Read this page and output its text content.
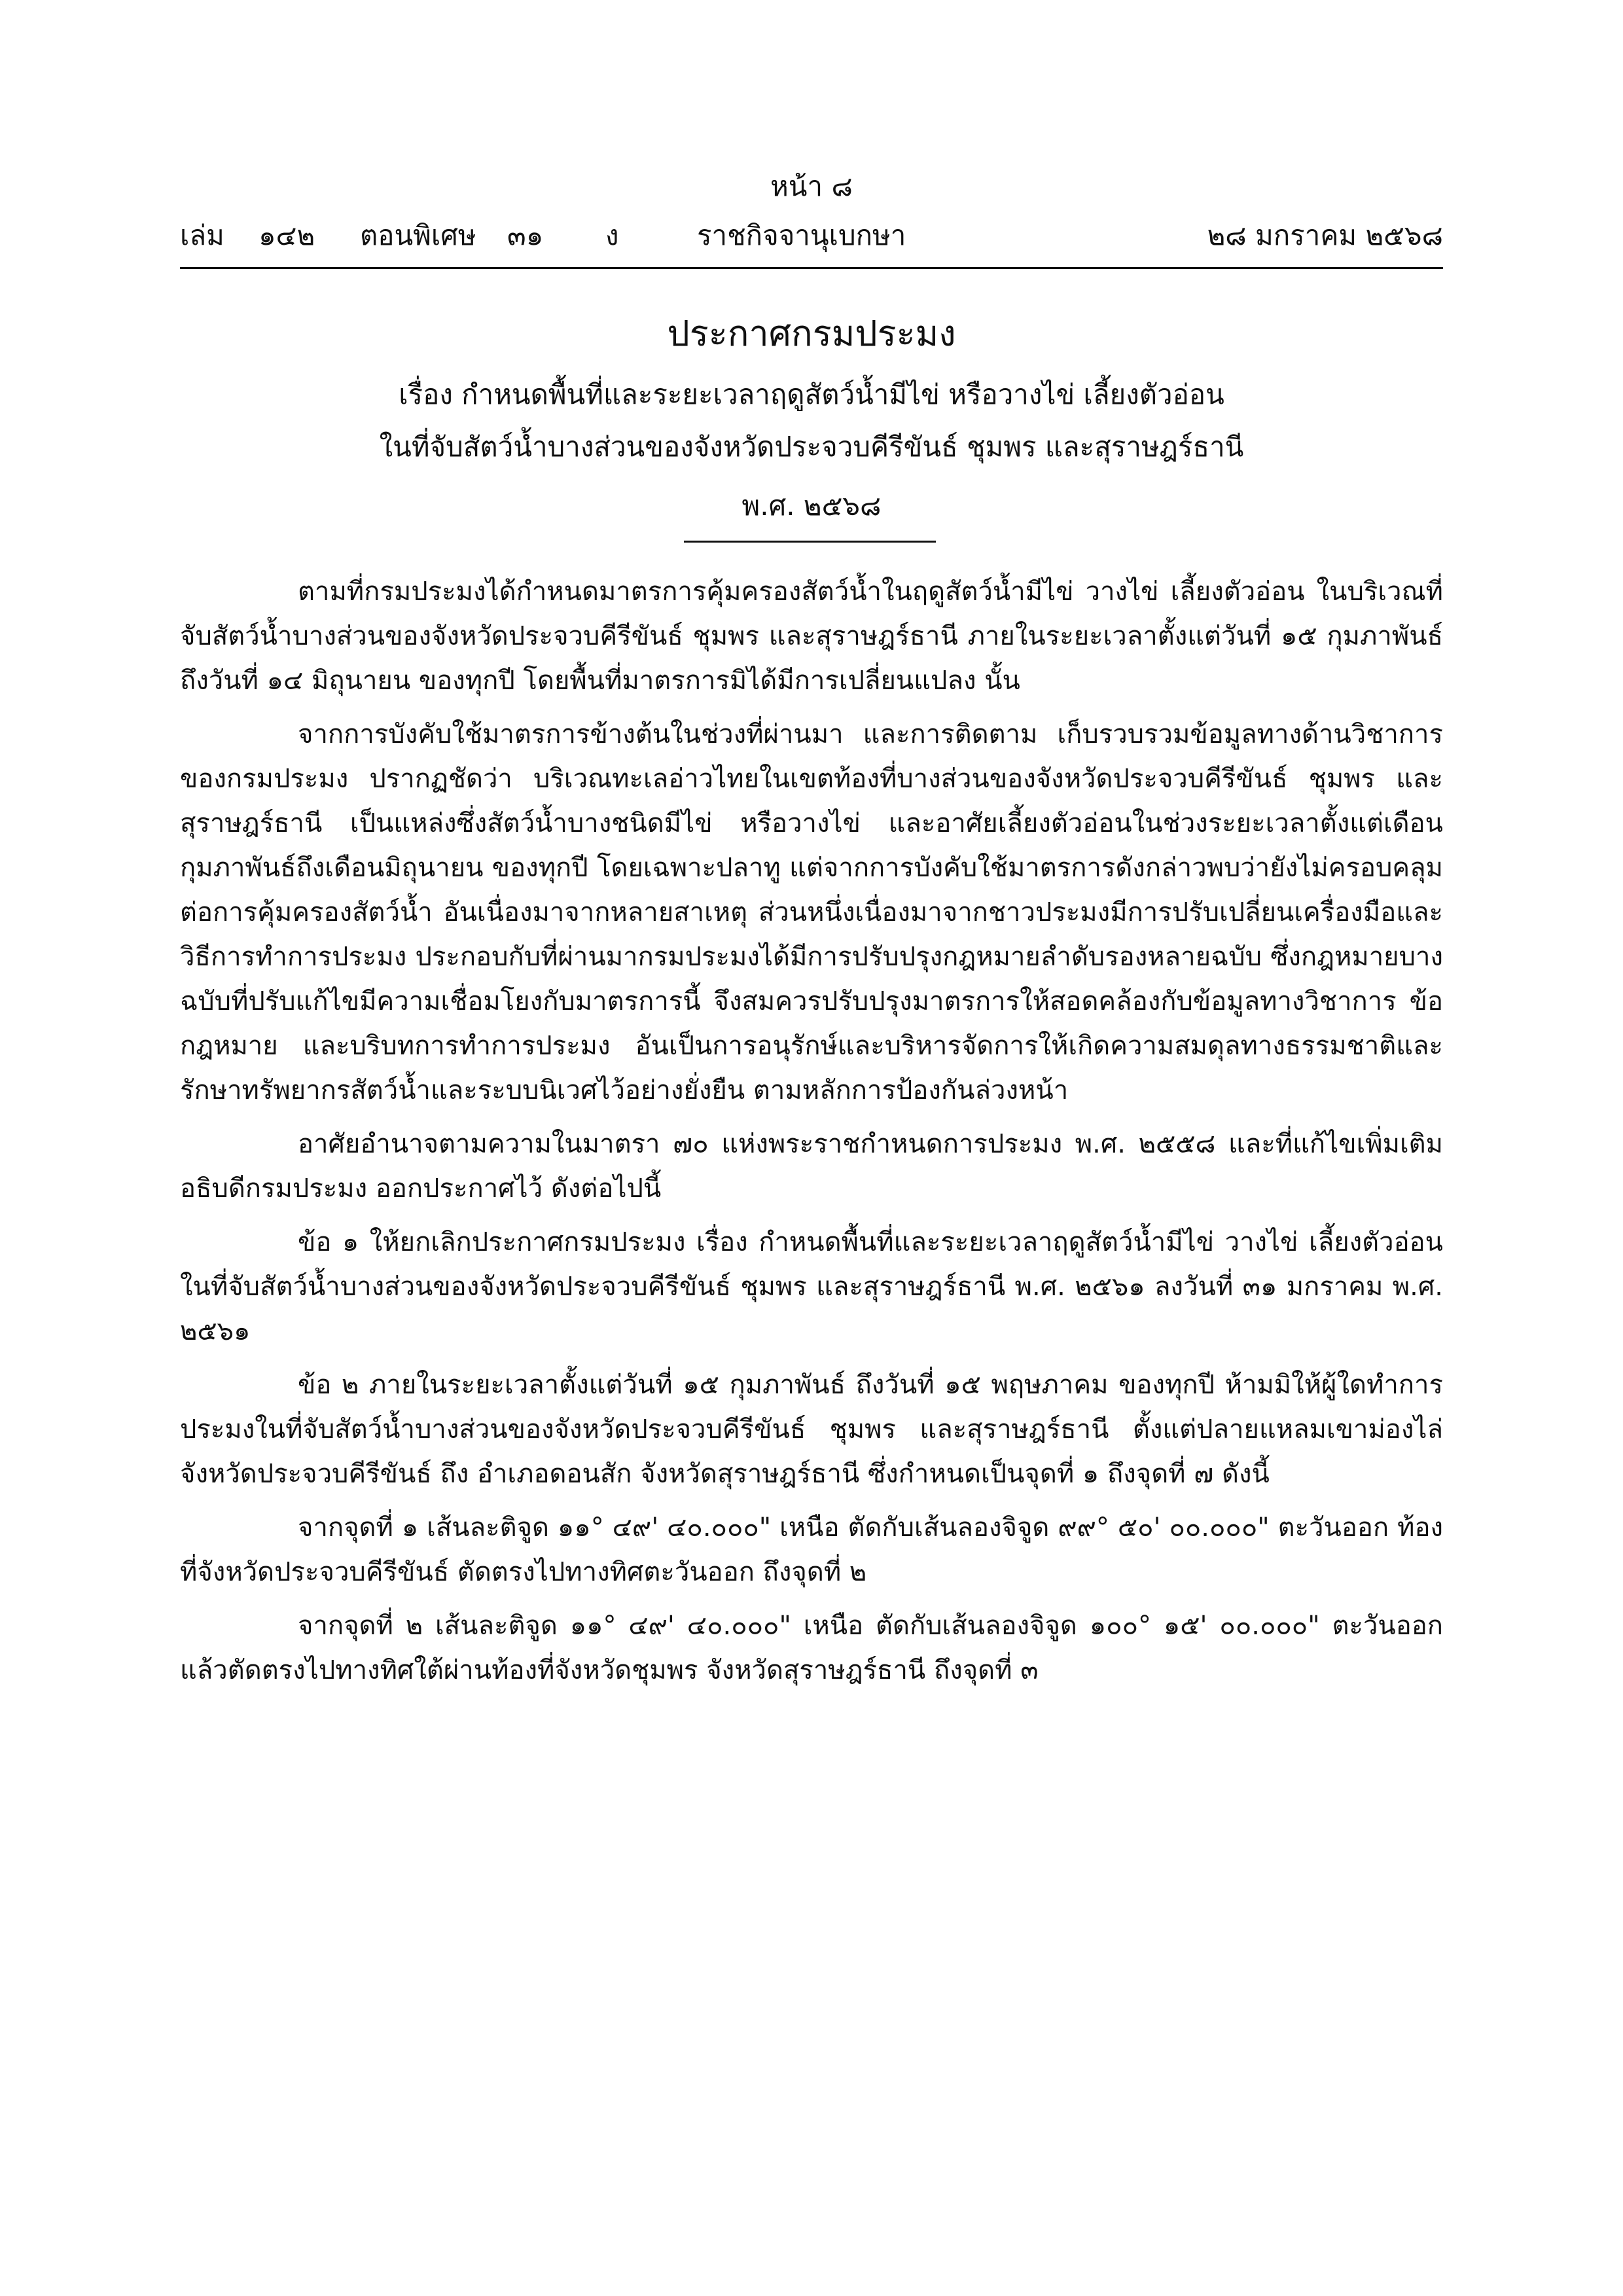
หน้า ๘
เล่ม ๑๔๒ ตอนพิเศษ ๓๑ ง	ราชกิจจานุเบกษา	๒๘ มกราคม ๒๕๖๘
ประกาศกรมประมง
เรื่อง กำหนดพื้นที่และระยะเวลาฤดูสัตว์น้ำมีไข่ หรือวางไข่ เลี้ยงตัวอ่อน
ในที่จับสัตว์น้ำบางส่วนของจังหวัดประจวบคีรีขันธ์ ชุมพร และสุราษฎร์ธานี
พ.ศ. ๒๕๖๘

ตามที่กรมประมงได้กำหนดมาตรการคุ้มครองสัตว์น้ำในฤดูสัตว์น้ำมีไข่ วางไข่ เลี้ยงตัวอ่อน ในบริเวณที่จับสัตว์น้ำบางส่วนของจังหวัดประจวบคีรีขันธ์ ชุมพร และสุราษฎร์ธานี ภายในระยะเวลาตั้งแต่วันที่ ๑๕ กุมภาพันธ์ ถึงวันที่ ๑๔ มิถุนายน ของทุกปี โดยพื้นที่มาตรการมิได้มีการเปลี่ยนแปลง นั้น

จากการบังคับใช้มาตรการข้างต้นในช่วงที่ผ่านมา และการติดตาม เก็บรวบรวมข้อมูลทางด้านวิชาการของกรมประมง ปรากฏชัดว่า บริเวณทะเลอ่าวไทยในเขตท้องที่บางส่วนของจังหวัดประจวบคีรีขันธ์ ชุมพร และสุราษฎร์ธานี เป็นแหล่งซึ่งสัตว์น้ำบางชนิดมีไข่ หรือวางไข่ และอาศัยเลี้ยงตัวอ่อนในช่วงระยะเวลาตั้งแต่เดือนกุมภาพันธ์ถึงเดือนมิถุนายน ของทุกปี โดยเฉพาะปลาทู แต่จากการบังคับใช้มาตรการดังกล่าวพบว่ายังไม่ครอบคลุมต่อการคุ้มครองสัตว์น้ำ อันเนื่องมาจากหลายสาเหตุ ส่วนหนึ่งเนื่องมาจากชาวประมงมีการปรับเปลี่ยนเครื่องมือและวิธีการทำการประมง ประกอบกับที่ผ่านมากรมประมงได้มีการปรับปรุงกฎหมายลำดับรองหลายฉบับ ซึ่งกฎหมายบางฉบับที่ปรับแก้ไขมีความเชื่อมโยงกับมาตรการนี้ จึงสมควรปรับปรุงมาตรการให้สอดคล้องกับข้อมูลทางวิชาการ ข้อกฎหมาย และบริบทการทำการประมง อันเป็นการอนุรักษ์และบริหารจัดการให้เกิดความสมดุลทางธรรมชาติและรักษาทรัพยากรสัตว์น้ำและระบบนิเวศไว้อย่างยั่งยืน ตามหลักการป้องกันล่วงหน้า

อาศัยอำนาจตามความในมาตรา ๗๐ แห่งพระราชกำหนดการประมง พ.ศ. ๒๕๕๘ และที่แก้ไขเพิ่มเติม อธิบดีกรมประมง ออกประกาศไว้ ดังต่อไปนี้

ข้อ ๑ ให้ยกเลิกประกาศกรมประมง เรื่อง กำหนดพื้นที่และระยะเวลาฤดูสัตว์น้ำมีไข่ วางไข่ เลี้ยงตัวอ่อน ในที่จับสัตว์น้ำบางส่วนของจังหวัดประจวบคีรีขันธ์ ชุมพร และสุราษฎร์ธานี พ.ศ. ๒๕๖๑ ลงวันที่ ๓๑ มกราคม พ.ศ. ๒๕๖๑

ข้อ ๒ ภายในระยะเวลาตั้งแต่วันที่ ๑๕ กุมภาพันธ์ ถึงวันที่ ๑๕ พฤษภาคม ของทุกปี ห้ามมิให้ผู้ใดทำการประมงในที่จับสัตว์น้ำบางส่วนของจังหวัดประจวบคีรีขันธ์ ชุมพร และสุราษฎร์ธานี ตั้งแต่ปลายแหลมเขาม่องไล่ จังหวัดประจวบคีรีขันธ์ ถึง อำเภอดอนสัก จังหวัดสุราษฎร์ธานี ซึ่งกำหนดเป็นจุดที่ ๑ ถึงจุดที่ ๗ ดังนี้

จากจุดที่ ๑ เส้นละติจูด ๑๑° ๔๙' ๔๐.๐๐๐" เหนือ ตัดกับเส้นลองจิจูด ๙๙° ๕๐' ๐๐.๐๐๐" ตะวันออก ท้องที่จังหวัดประจวบคีรีขันธ์ ตัดตรงไปทางทิศตะวันออก ถึงจุดที่ ๒

จากจุดที่ ๒ เส้นละติจูด ๑๑° ๔๙' ๔๐.๐๐๐" เหนือ ตัดกับเส้นลองจิจูด ๑๐๐° ๑๕' ๐๐.๐๐๐" ตะวันออก แล้วตัดตรงไปทางทิศใต้ผ่านท้องที่จังหวัดชุมพร จังหวัดสุราษฎร์ธานี ถึงจุดที่ ๓
